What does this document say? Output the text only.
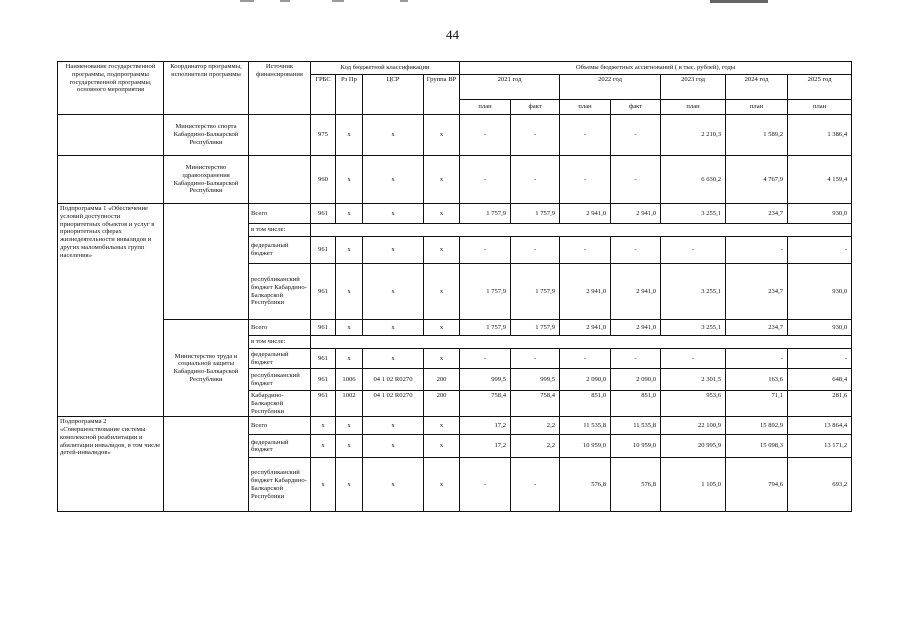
44
Наименование государственной программы, подпрограммы государственной программы, основного мероприятия	Координатор программы, исполнители программы	Источник финансирования	Код бюджетной классификации				Объемы бюджетных ассигнований ( в тыс. рублей), годы						
			ГРБС	Рз Пр	ЦСР	Группа ВР	2021 год		2022 год		2023 год	2024 год	2025 год
							план	факт	план	факт	план	план	план
	Министерство спорта Кабардино-Балкарской Республики		975	x	x	x	-	-	-	-	2 210,3	1 589,2	1 386,4
	Министерство здравоохранения Кабардино-Балкарской Республики		960	x	x	x	-	-	-	-	6 630,2	4 767,9	4 159,4
Подпрограмма 1 «Обеспечение условий доступности приоритетных объектов и услуг в приоритетных сферах жизнедеятельности инвалидов и других маломобильных групп населения»		Всего	961	x	x	x	1 757,9	1 757,9	2 941,0	2 941,0	3 255,1	234,7	930,0
		в том числе:											
		федеральный бюджет	961	x	x	x	-	-	-	-	-	-	-
		республиканский бюджет Кабардино-Балкарской Республики	961	x	x	x	1 757,9	1 757,9	2 941,0	2 941,0	3 255,1	234,7	930,0
	Министерство труда и социальной защиты Кабардино-Балкарской Республики	Всего	961	x	x	x	1 757,9	1 757,9	2 941,0	2 941,0	3 255,1	234,7	930,0
		в том числе:											
		федеральный бюджет	961	x	x	x	-	-	-	-	-	-	-
		республиканский бюджет	961	1006	04 1 02 R0270	200	999,5	999,5	2 090,0	2 090,0	2 301,5	163,6	648,4
		Кабардино-Балкарской Республики	961	1002	04 1 02 R0270	200	758,4	758,4	851,0	851,0	953,6	71,1	281,6
Подпрограмма 2 «Совершенствование системы комплексной реабилитации и абилитации инвалидов, в том числе детей-инвалидов»		Всего	x	x	x	x	17,2	2,2	11 535,8	11 535,8	22 100,9	15 892,9	13 864,4
		федеральный бюджет	x	x	x	x	17,2	2,2	10 959,0	10 959,0	20 995,9	15 098,3	13 171,2
		республиканский бюджет Кабардино-Балкарской Республики	x	x	x	x	-	-	576,8	576,8	1 105,0	794,6	693,2
